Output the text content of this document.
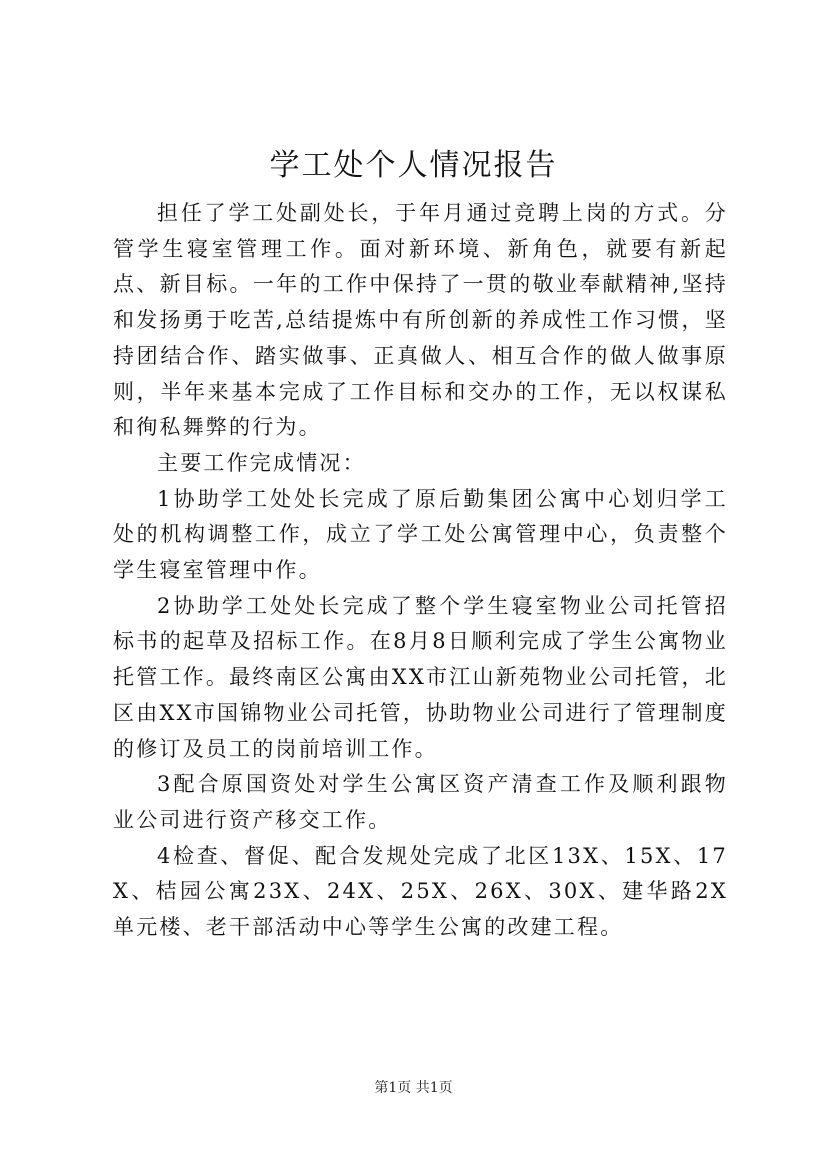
学工处个人情况报告

担任了学工处副处长，于年月通过竞聘上岗的方式。分管学生寝室管理工作。面对新环境、新角色，就要有新起点、新目标。一年的工作中保持了一贯的敬业奉献精神,坚持和发扬勇于吃苦,总结提炼中有所创新的养成性工作习惯，坚持团结合作、踏实做事、正真做人、相互合作的做人做事原则，半年来基本完成了工作目标和交办的工作，无以权谋私和徇私舞弊的行为。

主要工作完成情况：

1协助学工处处长完成了原后勤集团公寓中心划归学工处的机构调整工作，成立了学工处公寓管理中心，负责整个学生寝室管理中作。

2协助学工处处长完成了整个学生寝室物业公司托管招标书的起草及招标工作。在8月8日顺利完成了学生公寓物业托管工作。最终南区公寓由XX市江山新苑物业公司托管，北区由XX市国锦物业公司托管，协助物业公司进行了管理制度的修订及员工的岗前培训工作。

3配合原国资处对学生公寓区资产清查工作及顺利跟物业公司进行资产移交工作。

4检查、督促、配合发规处完成了北区13X、15X、17X、桔园公寓23X、24X、25X、26X、30X、建华路2X单元楼、老干部活动中心等学生公寓的改建工程。

第1页 共1页
